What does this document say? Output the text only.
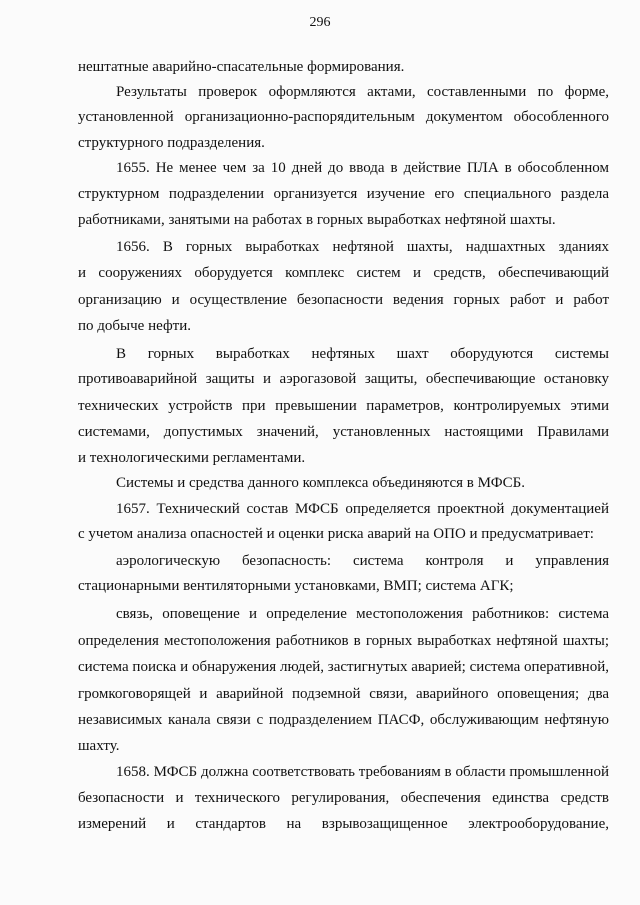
296
нештатные аварийно-спасательные формирования.
Результаты проверок оформляются актами, составленными по форме,
установленной организационно-распорядительным документом обособленного
структурного подразделения.
1655. Не менее чем за 10 дней до ввода в действие ПЛА в обособленном
структурном подразделении организуется изучение его специального раздела
работниками, занятыми на работах в горных выработках нефтяной шахты.
1656. В горных выработках нефтяной шахты, надшахтных зданиях
и сооружениях оборудуется комплекс систем и средств, обеспечивающий
организацию и осуществление безопасности ведения горных работ и работ
по добыче нефти.
В горных выработках нефтяных шахт оборудуются системы
противоаварийной защиты и аэрогазовой защиты, обеспечивающие остановку
технических устройств при превышении параметров, контролируемых этими
системами, допустимых значений, установленных настоящими Правилами
и технологическими регламентами.
Системы и средства данного комплекса объединяются в МФСБ.
1657. Технический состав МФСБ определяется проектной документацией
с учетом анализа опасностей и оценки риска аварий на ОПО и предусматривает:
аэрологическую безопасность: система контроля и управления
стационарными вентиляторными установками, ВМП; система АГК;
связь, оповещение и определение местоположения работников: система
определения местоположения работников в горных выработках нефтяной шахты;
система поиска и обнаружения людей, застигнутых аварией; система оперативной,
громкоговорящей и аварийной подземной связи, аварийного оповещения; два
независимых канала связи с подразделением ПАСФ, обслуживающим нефтяную
шахту.
1658. МФСБ должна соответствовать требованиям в области промышленной
безопасности и технического регулирования, обеспечения единства средств
измерений и стандартов на взрывозащищенное электрооборудование,
